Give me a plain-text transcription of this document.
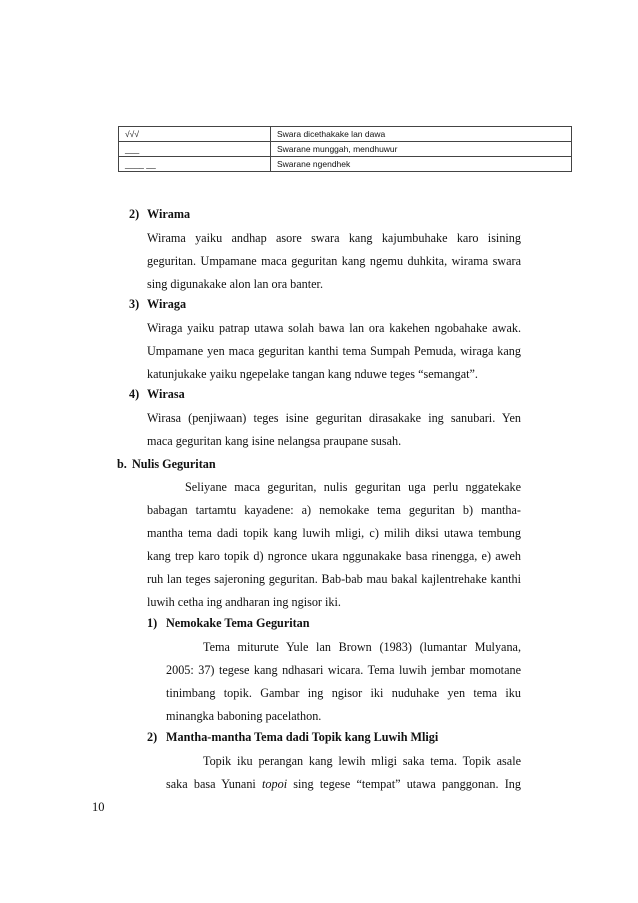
√√√	Swara dicethakake lan dawa
___	Swarane munggah, mendhuwur
____ __	Swarane ngendhek
2) Wirama
Wirama yaiku andhap asore swara kang kajumbuhake karo isining
geguritan. Umpamane maca geguritan kang ngemu duhkita, wirama swara
sing digunakake alon lan ora banter.
3) Wiraga
Wiraga yaiku patrap utawa solah bawa lan ora kakehen ngobahake awak.
Umpamane yen maca geguritan kanthi tema Sumpah Pemuda, wiraga kang
katunjukake yaiku ngepelake tangan kang nduwe teges “semangat”.
4) Wirasa
Wirasa (penjiwaan) teges isine geguritan dirasakake ing sanubari. Yen
maca geguritan kang isine nelangsa praupane susah.
b. Nulis Geguritan
Seliyane maca geguritan, nulis geguritan uga perlu nggatekake
babagan tartamtu kayadene: a) nemokake tema geguritan b) mantha-
mantha tema dadi topik kang luwih mligi, c) milih diksi utawa tembung
kang trep karo topik d) ngronce ukara nggunakake basa rinengga, e) aweh
ruh lan teges sajeroning geguritan. Bab-bab mau bakal kajlentrehake kanthi
luwih cetha ing andharan ing ngisor iki.
1) Nemokake Tema Geguritan
Tema miturute Yule lan Brown (1983) (lumantar Mulyana,
2005: 37) tegese kang ndhasari wicara. Tema luwih jembar momotane
tinimbang topik. Gambar ing ngisor iki nuduhake yen tema iku
minangka baboning pacelathon.
2) Mantha-mantha Tema dadi Topik kang Luwih Mligi
Topik iku perangan kang lewih mligi saka tema. Topik asale
saka basa Yunani topoi sing tegese “tempat” utawa panggonan. Ing
10
